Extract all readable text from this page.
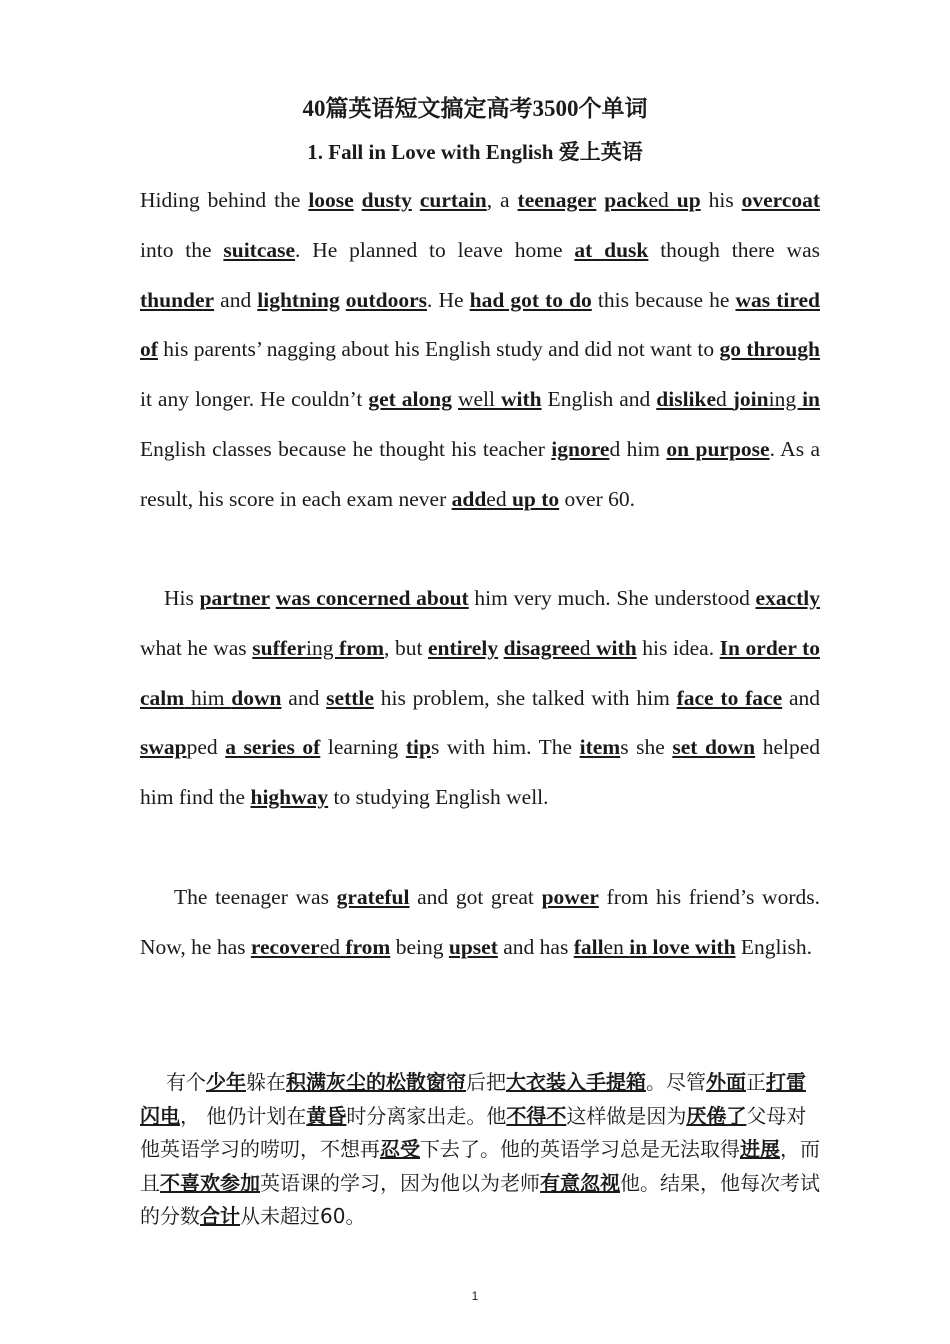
40篇英语短文搞定高考3500个单词
1. Fall in Love with English 爱上英语

Hiding behind the loose dusty curtain, a teenager packed up his overcoat into the suitcase. He planned to leave home at dusk though there was thunder and lightning outdoors. He had got to do this because he was tired of his parents’ nagging about his English study and did not want to go through it any longer. He couldn’t get along well with English and disliked joining in English classes because he thought his teacher ignored him on purpose. As a result, his score in each exam never added up to over 60.

His partner was concerned about him very much. She understood exactly what he was suffering from, but entirely disagreed with his idea. In order to calm him down and settle his problem, she talked with him face to face and swapped a series of learning tips with him. The items she set down helped him find the highway to studying English well.

The teenager was grateful and got great power from his friend’s words. Now, he has recovered from being upset and has fallen in love with English.

有个少年躲在积满灰尘的松散窗帘后把大衣装入手提箱。尽管外面正打雷闪电， 他仍计划在黄昏时分离家出走。他不得不这样做是因为厌倦了父母对他英语学习的唠叨，不想再忍受下去了。他的英语学习总是无法取得进展，而且不喜欢参加英语课的学习，因为他以为老师有意忽视他。结果，他每次考试的分数合计从未超过60。

1
